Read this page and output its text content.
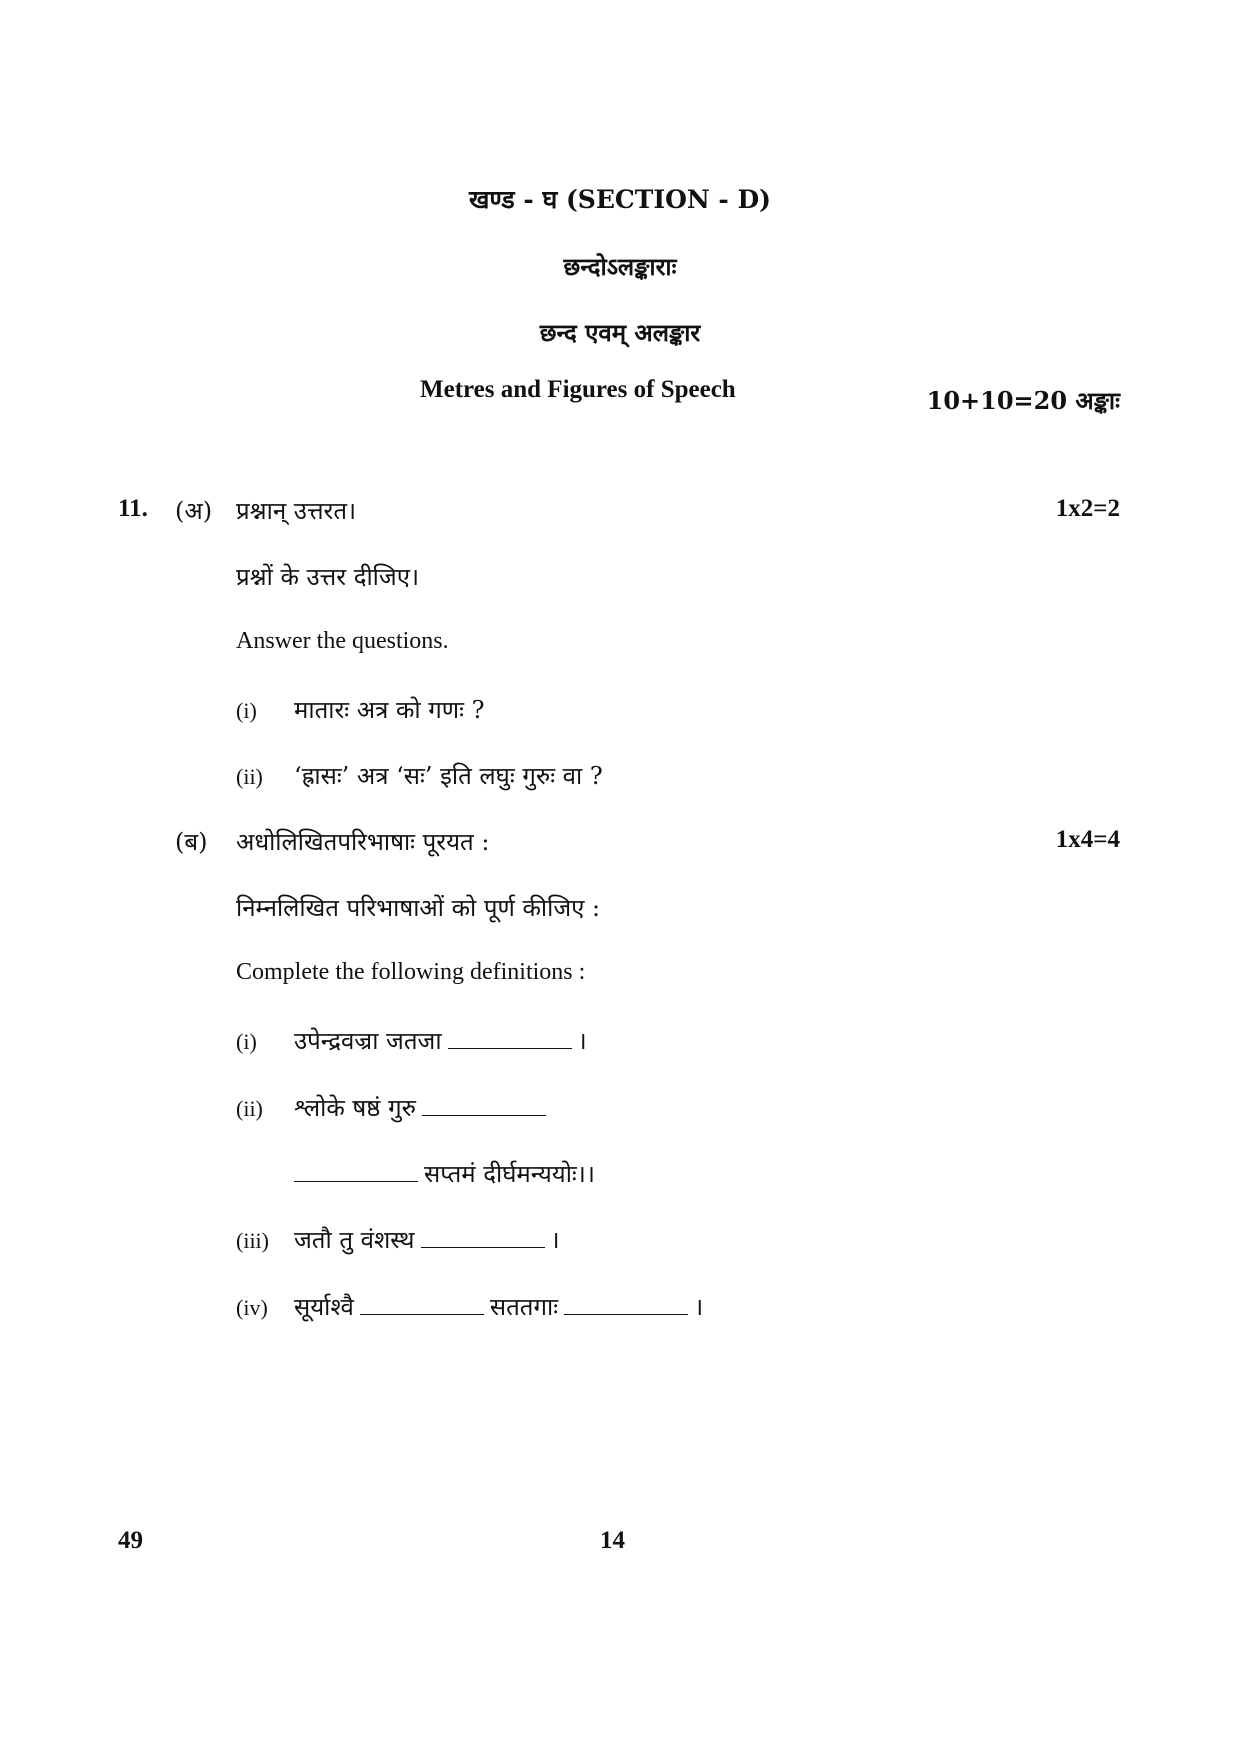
खण्ड - घ (SECTION - D)
छन्दोऽलङ्काराः
छन्द एवम् अलङ्कार
Metres and Figures of Speech	10+10=20 अङ्काः
11. (अ) प्रश्नान् उत्तरत।	1x2=2
प्रश्नों के उत्तर दीजिए।
Answer the questions.
(i) मातारः अत्र को गणः ?
(ii) ‘ह्रासः’ अत्र ‘सः’ इति लघुः गुरुः वा ?
(ब) अधोलिखितपरिभाषाः पूरयत :	1x4=4
निम्नलिखित परिभाषाओं को पूर्ण कीजिए :
Complete the following definitions :
(i) उपेन्द्रवज्रा जतजा	।
(ii) श्लोके षष्ठं गुरु
सप्तमं दीर्घमन्ययोः।।
(iii) जतौ तु वंशस्थ	।
(iv) सूर्याश्वै	सततगाः	।
49	14
